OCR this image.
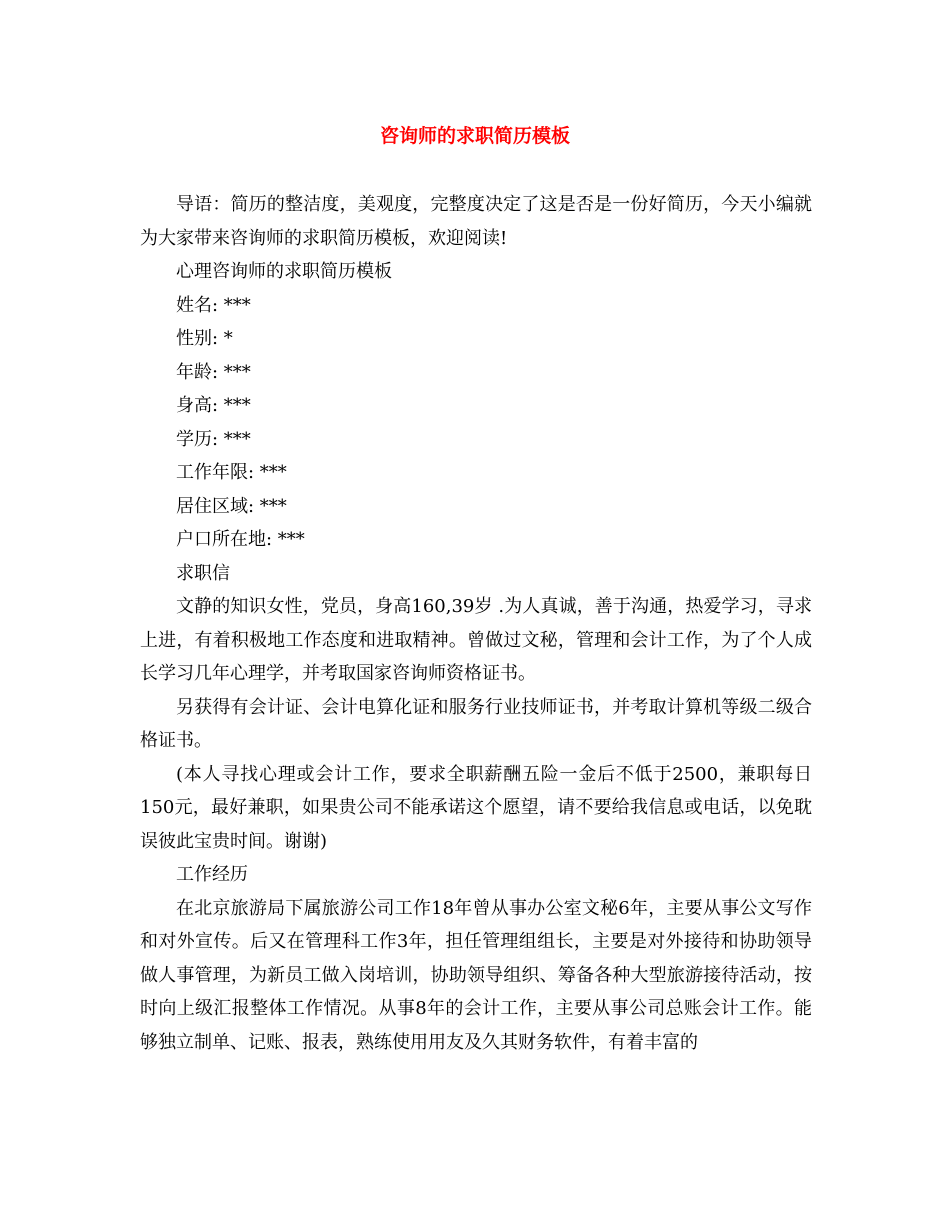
咨询师的求职简历模板

导语：简历的整洁度，美观度，完整度决定了这是否是一份好简历，今天小编就为大家带来咨询师的求职简历模板，欢迎阅读!

心理咨询师的求职简历模板

姓名: ***

性别: *

年龄: ***

身高: ***

学历: ***

工作年限: ***

居住区域: ***

户口所在地: ***

求职信

文静的知识女性，党员，身高160,39岁 .为人真诚，善于沟通，热爱学习，寻求上进，有着积极地工作态度和进取精神。曾做过文秘，管理和会计工作，为了个人成长学习几年心理学，并考取国家咨询师资格证书。

另获得有会计证、会计电算化证和服务行业技师证书，并考取计算机等级二级合格证书。

(本人寻找心理或会计工作，要求全职薪酬五险一金后不低于2500，兼职每日150元，最好兼职，如果贵公司不能承诺这个愿望，请不要给我信息或电话，以免耽误彼此宝贵时间。谢谢)

工作经历

在北京旅游局下属旅游公司工作18年曾从事办公室文秘6年，主要从事公文写作和对外宣传。后又在管理科工作3年，担任管理组组长，主要是对外接待和协助领导做人事管理，为新员工做入岗培训，协助领导组织、筹备各种大型旅游接待活动，按时向上级汇报整体工作情况。从事8年的会计工作，主要从事公司总账会计工作。能够独立制单、记账、报表，熟练使用用友及久其财务软件，有着丰富的
